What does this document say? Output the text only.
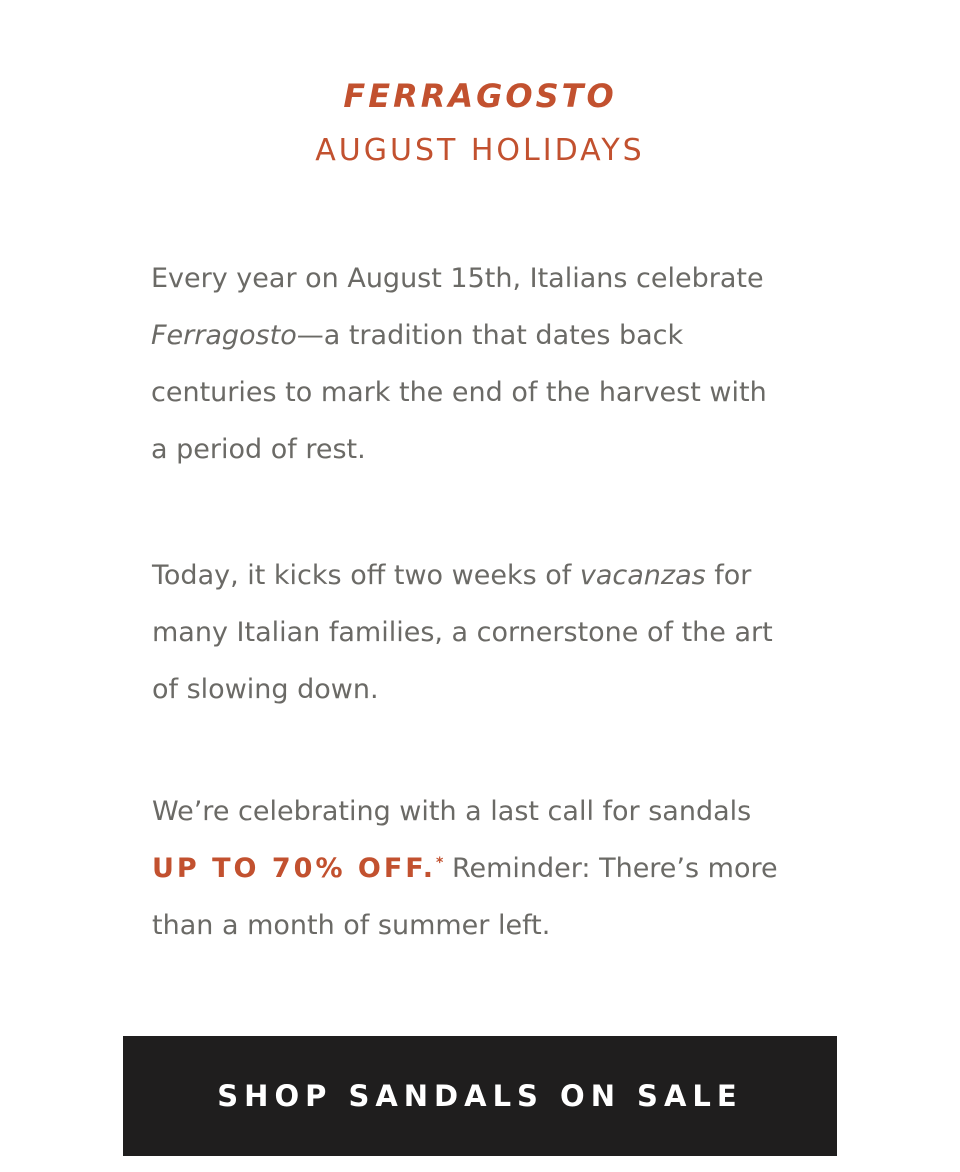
FERRAGOSTO
AUGUST HOLIDAYS
Every year on August 15th, Italians celebrate
Ferragosto—a tradition that dates back
centuries to mark the end of the harvest with
a period of rest.
Today, it kicks off two weeks of vacanzas for
many Italian families, a cornerstone of the art
of slowing down.
We’re celebrating with a last call for sandals
UP TO 70% OFF.* Reminder: There’s more
than a month of summer left.
SHOP SANDALS ON SALE
